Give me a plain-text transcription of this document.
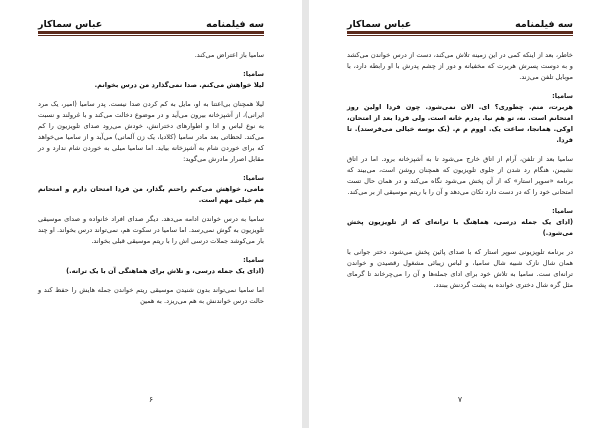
سه فیلمنامه
عباس سماکار

ساميا باز اعتراض می‌كند.

ساميا:

ليلا خواهش می‌كنم. صدا نمی‌گذارد من درس بخوانم.

ليلا همچنان بی‌اعتنا به او، مايل به كم كردن صدا نيست. پدر ساميا (امير، يک مرد ايرانی)، از آشپزخانه بيرون می‌آيد و در موضوع دخالت می‌كند و با غرولند و نسبت به نوع لباس و ادا و اطوارهای دخترانش، خودش می‌رود صدای تلويزيون را كم می‌كند. لحظاتی بعد مادر ساميا (كلاديا، يک زن آلمانی) می‌آيد و از ساميا می‌خواهد كه برای خوردن شام به آشپزخانه بيايد. اما ساميا ميلی به خوردن شام ندارد و در مقابل اصرار مادرش می‌گويد:

ساميا:

مامی، خواهش می‌كنم راحتم بگذار، من فردا امتحان دارم و امتحانم هم خيلی مهم است.

ساميا به درس خواندن ادامه می‌دهد. ديگر صدای افراد خانواده و صدای موسيقی تلويزيون به گوش نمی‌رسد. اما ساميا در سكوت هم، نمی‌تواند درس بخواند. او چند بار می‌كوشد جملات درسی اش را با ريتم موسيقی قبلی بخواند.

ساميا:

(ادای يک جمله درسی، و تلاش برای هماهنگی آن با يک ترانه.)

اما ساميا نمی‌تواند بدون شنيدن موسيقی ريتم خواندن جمله هايش را حفظ كند و حالت درس خواندنش به هم می‌ريزد. به همين

۶
سه فیلمنامه
عباس سماکار

خاطر، بعد از اينكه كمی در اين زمينه تلاش می‌كند، دست از درس خواندن می‌كشد و به دوست پسرش هربرت كه مخفيانه و دور از چشم پدرش با او رابطه دارد، با موبايل تلفن می‌زند.

ساميا:

هربرت، منم. چطوری؟ ای. الان نمی‌شود. چون فردا اولين روز امتحانم است. نه، تو هم نيا. پدرم خانه است. ولی فردا بعد از امتحان، اوكی. همانجا، ساعت يک. اووم م م. (يک بوسه خيالی می‌فرستد). تا فردا.

ساميا بعد از تلفن، آرام از اتاق خارج می‌شود تا به آشپزخانه برود. اما در اتاق نشيمن، هنگام رد شدن از جلوی تلويزيون كه همچنان روشن است، می‌بيند كه برنامه «سوپر استار» كه از آن پخش می‌شود نگاه می‌كند و در همان حال تست امتحانی خود را كه در دست دارد تكان می‌دهد و آن را با ريتم موسيقی از بر می‌كند.

ساميا:

(ادای يک جمله درسی، هماهنگ با ترانه‌ای كه از تلويزيون پخش می‌شود.)

در برنامه تلويزيونی سوپر استار كه با صدای پائين پخش می‌شود، دختر جوانی با همان شال نازک شبيه شال ساميا، و لباس زيبائی مشغول رقصيدن و خواندن ترانه‌ای ست. ساميا به تلاش خود برای ادای جمله‌ها و آن را می‌چرخاند تا گرمای مثل گره شال دختری خوانده به پشت گردنش ببندد.

۷
